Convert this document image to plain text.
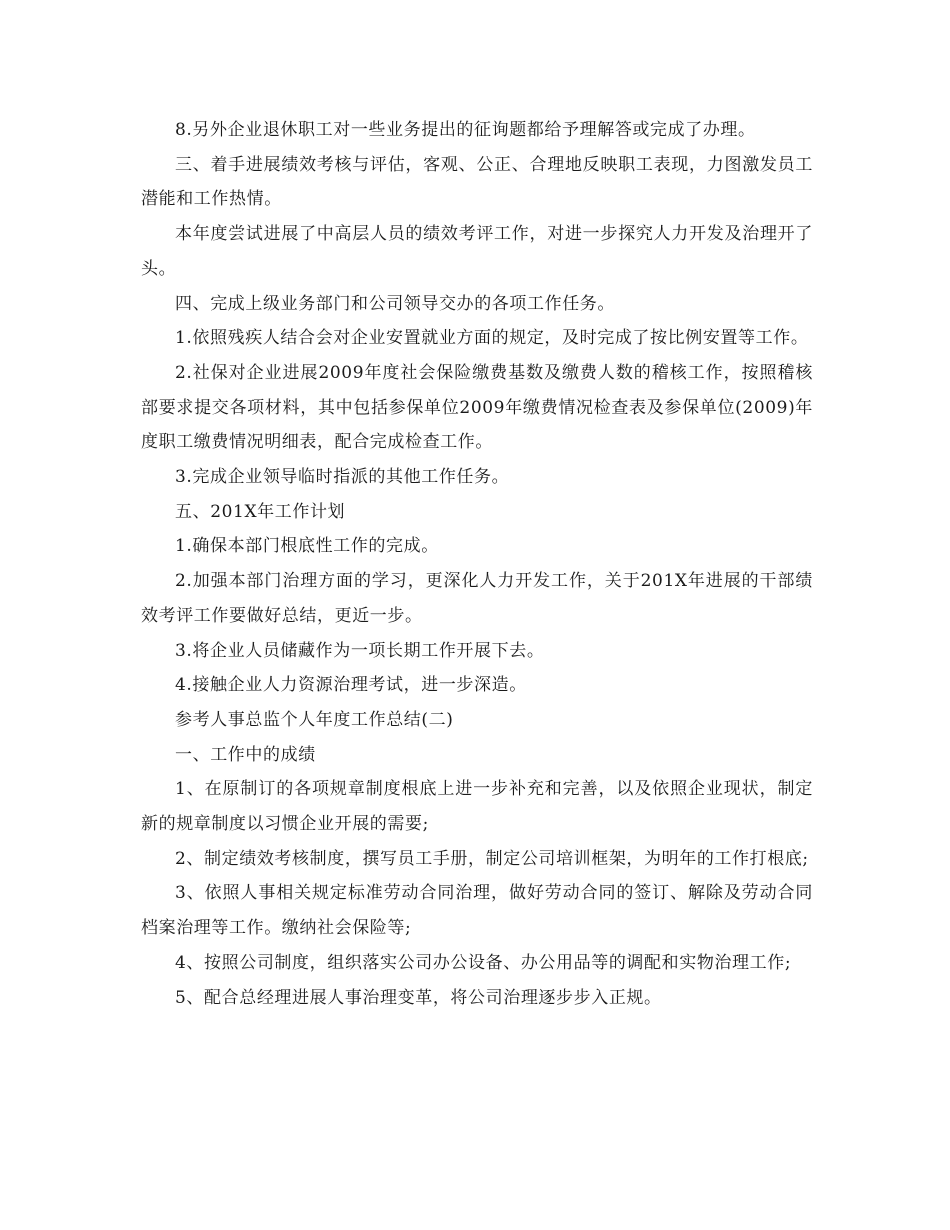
8.另外企业退休职工对一些业务提出的征询题都给予理解答或完成了办理。

三、着手进展绩效考核与评估，客观、公正、合理地反映职工表现，力图激发员工潜能和工作热情。

本年度尝试进展了中高层人员的绩效考评工作，对进一步探究人力开发及治理开了头。

四、完成上级业务部门和公司领导交办的各项工作任务。

1.依照残疾人结合会对企业安置就业方面的规定，及时完成了按比例安置等工作。

2.社保对企业进展2009年度社会保险缴费基数及缴费人数的稽核工作，按照稽核部要求提交各项材料，其中包括参保单位2009年缴费情况检查表及参保单位(2009)年度职工缴费情况明细表，配合完成检查工作。

3.完成企业领导临时指派的其他工作任务。

五、201X年工作计划

1.确保本部门根底性工作的完成。

2.加强本部门治理方面的学习，更深化人力开发工作，关于201X年进展的干部绩效考评工作要做好总结，更近一步。

3.将企业人员储藏作为一项长期工作开展下去。

4.接触企业人力资源治理考试，进一步深造。

参考人事总监个人年度工作总结(二)

一、工作中的成绩

1、在原制订的各项规章制度根底上进一步补充和完善，以及依照企业现状，制定新的规章制度以习惯企业开展的需要;

2、制定绩效考核制度，撰写员工手册，制定公司培训框架，为明年的工作打根底;

3、依照人事相关规定标准劳动合同治理，做好劳动合同的签订、解除及劳动合同档案治理等工作。缴纳社会保险等;

4、按照公司制度，组织落实公司办公设备、办公用品等的调配和实物治理工作;

5、配合总经理进展人事治理变革，将公司治理逐步步入正规。
